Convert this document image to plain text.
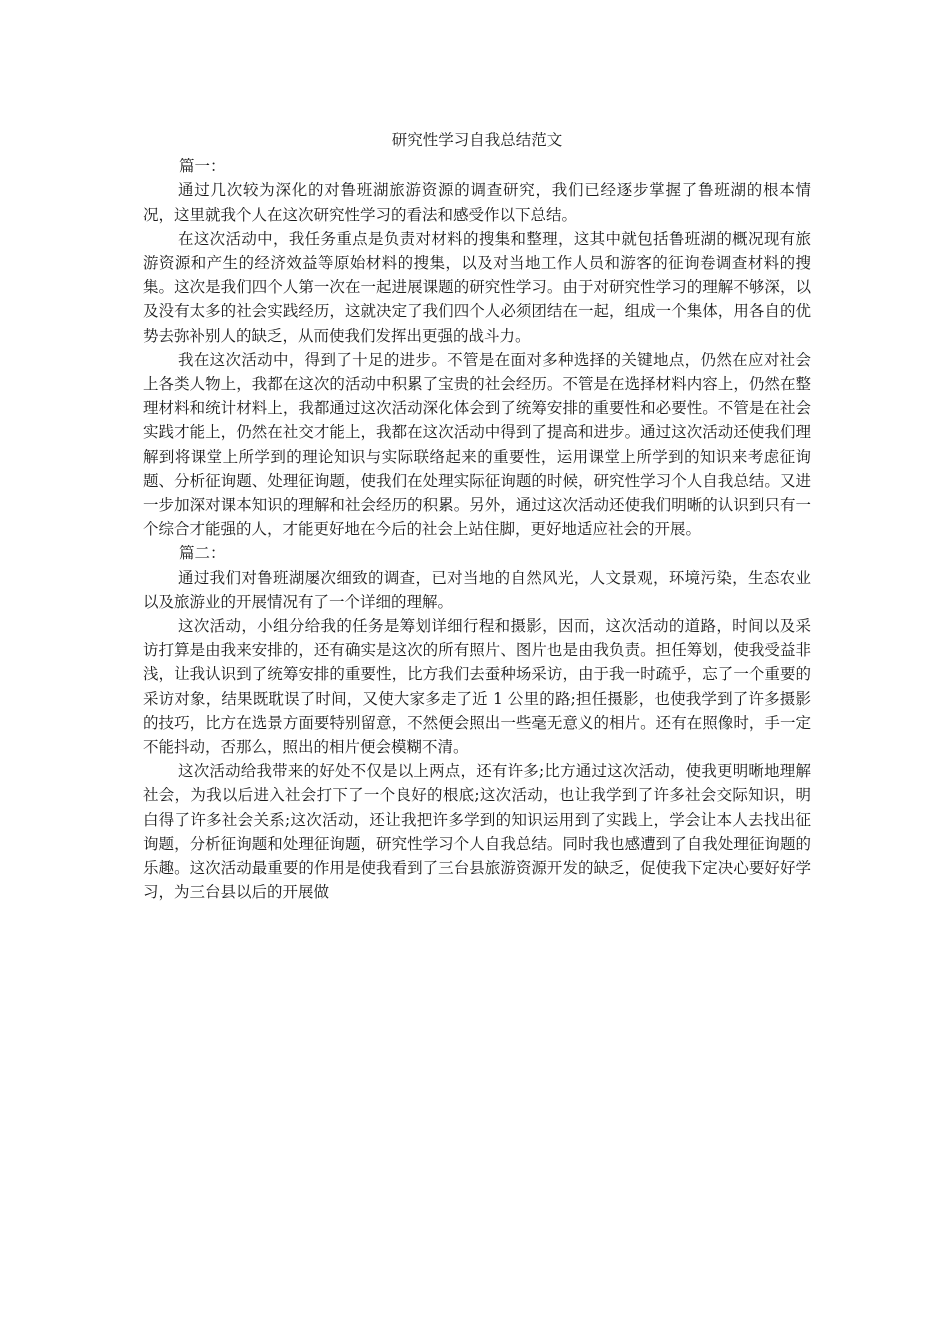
研究性学习自我总结范文

篇一：

通过几次较为深化的对鲁班湖旅游资源的调查研究，我们已经逐步掌握了鲁班湖的根本情况，这里就我个人在这次研究性学习的看法和感受作以下总结。

在这次活动中，我任务重点是负责对材料的搜集和整理，这其中就包括鲁班湖的概况现有旅游资源和产生的经济效益等原始材料的搜集，以及对当地工作人员和游客的征询卷调查材料的搜集。这次是我们四个人第一次在一起进展课题的研究性学习。由于对研究性学习的理解不够深，以及没有太多的社会实践经历，这就决定了我们四个人必须团结在一起，组成一个集体，用各自的优势去弥补别人的缺乏，从而使我们发挥出更强的战斗力。

我在这次活动中，得到了十足的进步。不管是在面对多种选择的关键地点，仍然在应对社会上各类人物上，我都在这次的活动中积累了宝贵的社会经历。不管是在选择材料内容上，仍然在整理材料和统计材料上，我都通过这次活动深化体会到了统筹安排的重要性和必要性。不管是在社会实践才能上，仍然在社交才能上，我都在这次活动中得到了提高和进步。通过这次活动还使我们理解到将课堂上所学到的理论知识与实际联络起来的重要性，运用课堂上所学到的知识来考虑征询题、分析征询题、处理征询题，使我们在处理实际征询题的时候，研究性学习个人自我总结。又进一步加深对课本知识的理解和社会经历的积累。另外，通过这次活动还使我们明晰的认识到只有一个综合才能强的人，才能更好地在今后的社会上站住脚，更好地适应社会的开展。

篇二：

通过我们对鲁班湖屡次细致的调查，已对当地的自然风光，人文景观，环境污染，生态农业以及旅游业的开展情况有了一个详细的理解。

这次活动，小组分给我的任务是筹划详细行程和摄影，因而，这次活动的道路，时间以及采访打算是由我来安排的，还有确实是这次的所有照片、图片也是由我负责。担任筹划，使我受益非浅，让我认识到了统筹安排的重要性，比方我们去蚕种场采访，由于我一时疏乎，忘了一个重要的采访对象，结果既耽误了时间，又使大家多走了近 1 公里的路;担任摄影，也使我学到了许多摄影的技巧，比方在选景方面要特别留意，不然便会照出一些毫无意义的相片。还有在照像时，手一定不能抖动，否那么，照出的相片便会模糊不清。

这次活动给我带来的好处不仅是以上两点，还有许多;比方通过这次活动，使我更明晰地理解社会，为我以后进入社会打下了一个良好的根底;这次活动，也让我学到了许多社会交际知识，明白得了许多社会关系;这次活动，还让我把许多学到的知识运用到了实践上，学会让本人去找出征询题，分析征询题和处理征询题，研究性学习个人自我总结。同时我也感遭到了自我处理征询题的乐趣。这次活动最重要的作用是使我看到了三台县旅游资源开发的缺乏，促使我下定决心要好好学习，为三台县以后的开展做
